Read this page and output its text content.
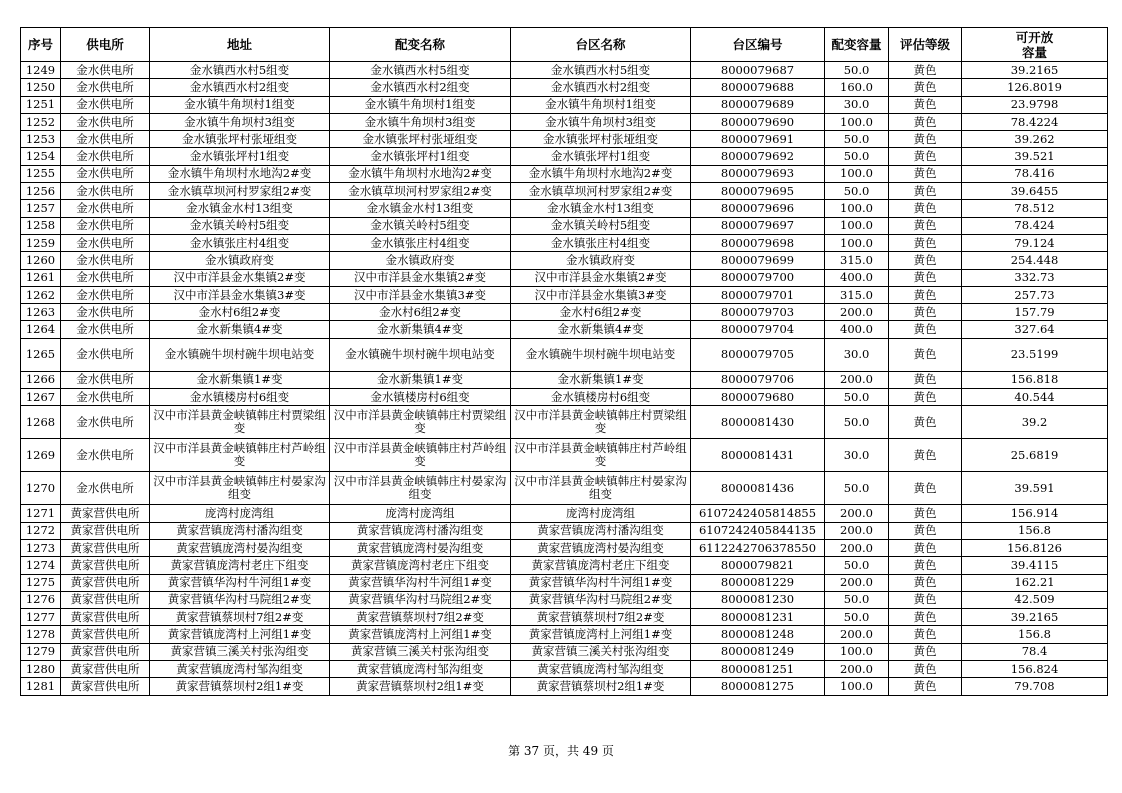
序号	供电所	地址	配变名称	台区名称	台区编号	配变容量	评估等级	可开放
容量
1249	金水供电所	金水镇西水村5组变	金水镇西水村5组变	金水镇西水村5组变	8000079687	50.0	黄色	39.2165
1250	金水供电所	金水镇西水村2组变	金水镇西水村2组变	金水镇西水村2组变	8000079688	160.0	黄色	126.8019
1251	金水供电所	金水镇牛角坝村1组变	金水镇牛角坝村1组变	金水镇牛角坝村1组变	8000079689	30.0	黄色	23.9798
1252	金水供电所	金水镇牛角坝村3组变	金水镇牛角坝村3组变	金水镇牛角坝村3组变	8000079690	100.0	黄色	78.4224
1253	金水供电所	金水镇张坪村张垭组变	金水镇张坪村张垭组变	金水镇张坪村张垭组变	8000079691	50.0	黄色	39.262
1254	金水供电所	金水镇张坪村1组变	金水镇张坪村1组变	金水镇张坪村1组变	8000079692	50.0	黄色	39.521
1255	金水供电所	金水镇牛角坝村水地沟2#变	金水镇牛角坝村水地沟2#变	金水镇牛角坝村水地沟2#变	8000079693	100.0	黄色	78.416
1256	金水供电所	金水镇草坝河村罗家组2#变	金水镇草坝河村罗家组2#变	金水镇草坝河村罗家组2#变	8000079695	50.0	黄色	39.6455
1257	金水供电所	金水镇金水村13组变	金水镇金水村13组变	金水镇金水村13组变	8000079696	100.0	黄色	78.512
1258	金水供电所	金水镇关岭村5组变	金水镇关岭村5组变	金水镇关岭村5组变	8000079697	100.0	黄色	78.424
1259	金水供电所	金水镇张庄村4组变	金水镇张庄村4组变	金水镇张庄村4组变	8000079698	100.0	黄色	79.124
1260	金水供电所	金水镇政府变	金水镇政府变	金水镇政府变	8000079699	315.0	黄色	254.448
1261	金水供电所	汉中市洋县金水集镇2#变	汉中市洋县金水集镇2#变	汉中市洋县金水集镇2#变	8000079700	400.0	黄色	332.73
1262	金水供电所	汉中市洋县金水集镇3#变	汉中市洋县金水集镇3#变	汉中市洋县金水集镇3#变	8000079701	315.0	黄色	257.73
1263	金水供电所	金水村6组2#变	金水村6组2#变	金水村6组2#变	8000079703	200.0	黄色	157.79
1264	金水供电所	金水新集镇4#变	金水新集镇4#变	金水新集镇4#变	8000079704	400.0	黄色	327.64
1265	金水供电所	金水镇碗牛坝村碗牛坝电站变	金水镇碗牛坝村碗牛坝电站变	金水镇碗牛坝村碗牛坝电站变	8000079705	30.0	黄色	23.5199
1266	金水供电所	金水新集镇1#变	金水新集镇1#变	金水新集镇1#变	8000079706	200.0	黄色	156.818
1267	金水供电所	金水镇楼房村6组变	金水镇楼房村6组变	金水镇楼房村6组变	8000079680	50.0	黄色	40.544
1268	金水供电所	汉中市洋县黄金峡镇韩庄村贾梁组变	汉中市洋县黄金峡镇韩庄村贾梁组变	汉中市洋县黄金峡镇韩庄村贾梁组变	8000081430	50.0	黄色	39.2
1269	金水供电所	汉中市洋县黄金峡镇韩庄村芦岭组变	汉中市洋县黄金峡镇韩庄村芦岭组变	汉中市洋县黄金峡镇韩庄村芦岭组变	8000081431	30.0	黄色	25.6819
1270	金水供电所	汉中市洋县黄金峡镇韩庄村晏家沟组变	汉中市洋县黄金峡镇韩庄村晏家沟组变	汉中市洋县黄金峡镇韩庄村晏家沟组变	8000081436	50.0	黄色	39.591
1271	黄家营供电所	庞湾村庞湾组	庞湾村庞湾组	庞湾村庞湾组	6107242405814855	200.0	黄色	156.914
1272	黄家营供电所	黄家营镇庞湾村潘沟组变	黄家营镇庞湾村潘沟组变	黄家营镇庞湾村潘沟组变	6107242405844135	200.0	黄色	156.8
1273	黄家营供电所	黄家营镇庞湾村晏沟组变	黄家营镇庞湾村晏沟组变	黄家营镇庞湾村晏沟组变	6112242706378550	200.0	黄色	156.8126
1274	黄家营供电所	黄家营镇庞湾村老庄下组变	黄家营镇庞湾村老庄下组变	黄家营镇庞湾村老庄下组变	8000079821	50.0	黄色	39.4115
1275	黄家营供电所	黄家营镇华沟村牛河组1#变	黄家营镇华沟村牛河组1#变	黄家营镇华沟村牛河组1#变	8000081229	200.0	黄色	162.21
1276	黄家营供电所	黄家营镇华沟村马院组2#变	黄家营镇华沟村马院组2#变	黄家营镇华沟村马院组2#变	8000081230	50.0	黄色	42.509
1277	黄家营供电所	黄家营镇蔡坝村7组2#变	黄家营镇蔡坝村7组2#变	黄家营镇蔡坝村7组2#变	8000081231	50.0	黄色	39.2165
1278	黄家营供电所	黄家营镇庞湾村上河组1#变	黄家营镇庞湾村上河组1#变	黄家营镇庞湾村上河组1#变	8000081248	200.0	黄色	156.8
1279	黄家营供电所	黄家营镇三溪关村张沟组变	黄家营镇三溪关村张沟组变	黄家营镇三溪关村张沟组变	8000081249	100.0	黄色	78.4
1280	黄家营供电所	黄家营镇庞湾村邹沟组变	黄家营镇庞湾村邹沟组变	黄家营镇庞湾村邹沟组变	8000081251	200.0	黄色	156.824
1281	黄家营供电所	黄家营镇蔡坝村2组1#变	黄家营镇蔡坝村2组1#变	黄家营镇蔡坝村2组1#变	8000081275	100.0	黄色	79.708
第 37 页，共 49 页
